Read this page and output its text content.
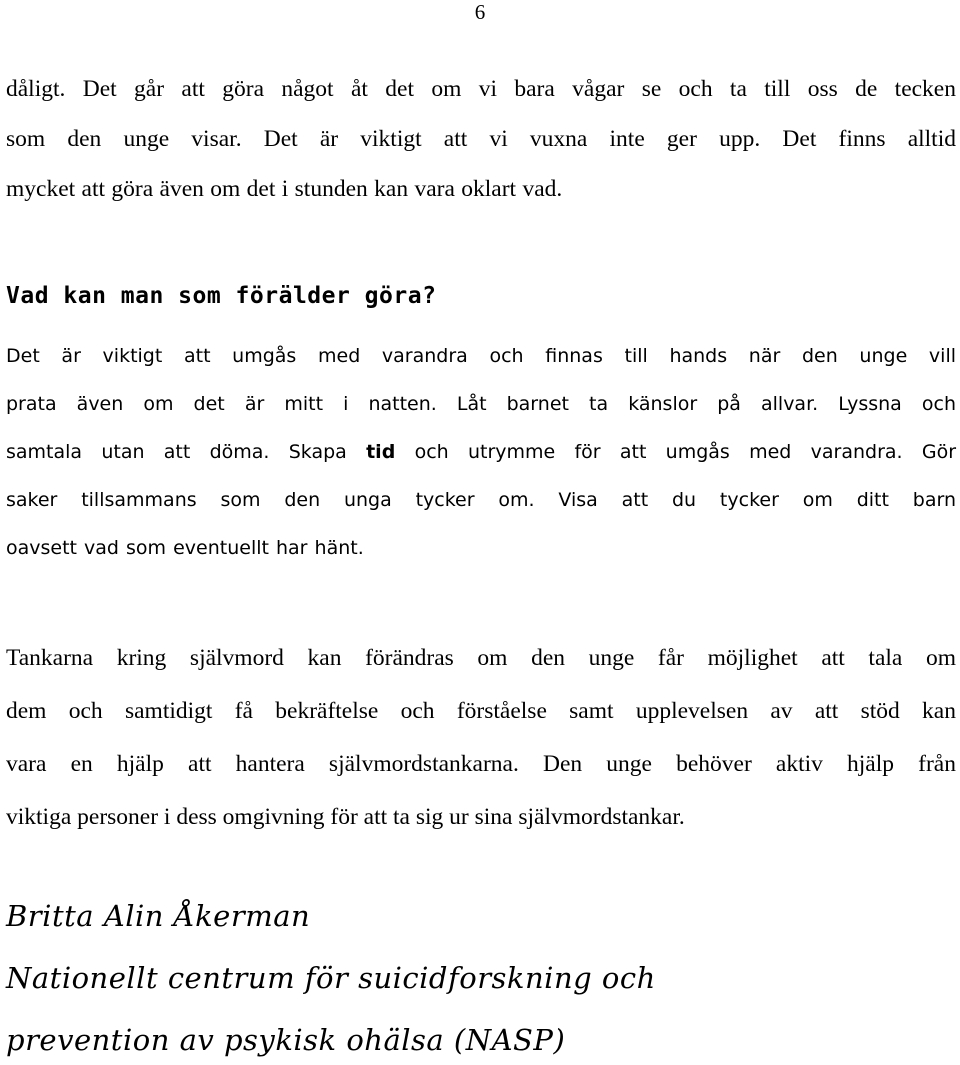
6
dåligt. Det går att göra något åt det om vi bara vågar se och ta till oss de tecken
som den unge visar. Det är viktigt att vi vuxna inte ger upp. Det finns alltid
mycket att göra även om det i stunden kan vara oklart vad.
Vad kan man som förälder göra?
Det är viktigt att umgås med varandra och finnas till hands när den unge vill
prata även om det är mitt i natten. Låt barnet ta känslor på allvar. Lyssna och
samtala utan att döma. Skapa tid och utrymme för att umgås med varandra. Gör
saker tillsammans som den unga tycker om. Visa att du tycker om ditt barn
oavsett vad som eventuellt har hänt.
Tankarna kring självmord kan förändras om den unge får möjlighet att tala om
dem och samtidigt få bekräftelse och förståelse samt upplevelsen av att stöd kan
vara en hjälp att hantera självmordstankarna. Den unge behöver aktiv hjälp från
viktiga personer i dess omgivning för att ta sig ur sina självmordstankar.
Britta Alin Åkerman
Nationellt centrum för suicidforskning och
prevention av psykisk ohälsa (NASP)
